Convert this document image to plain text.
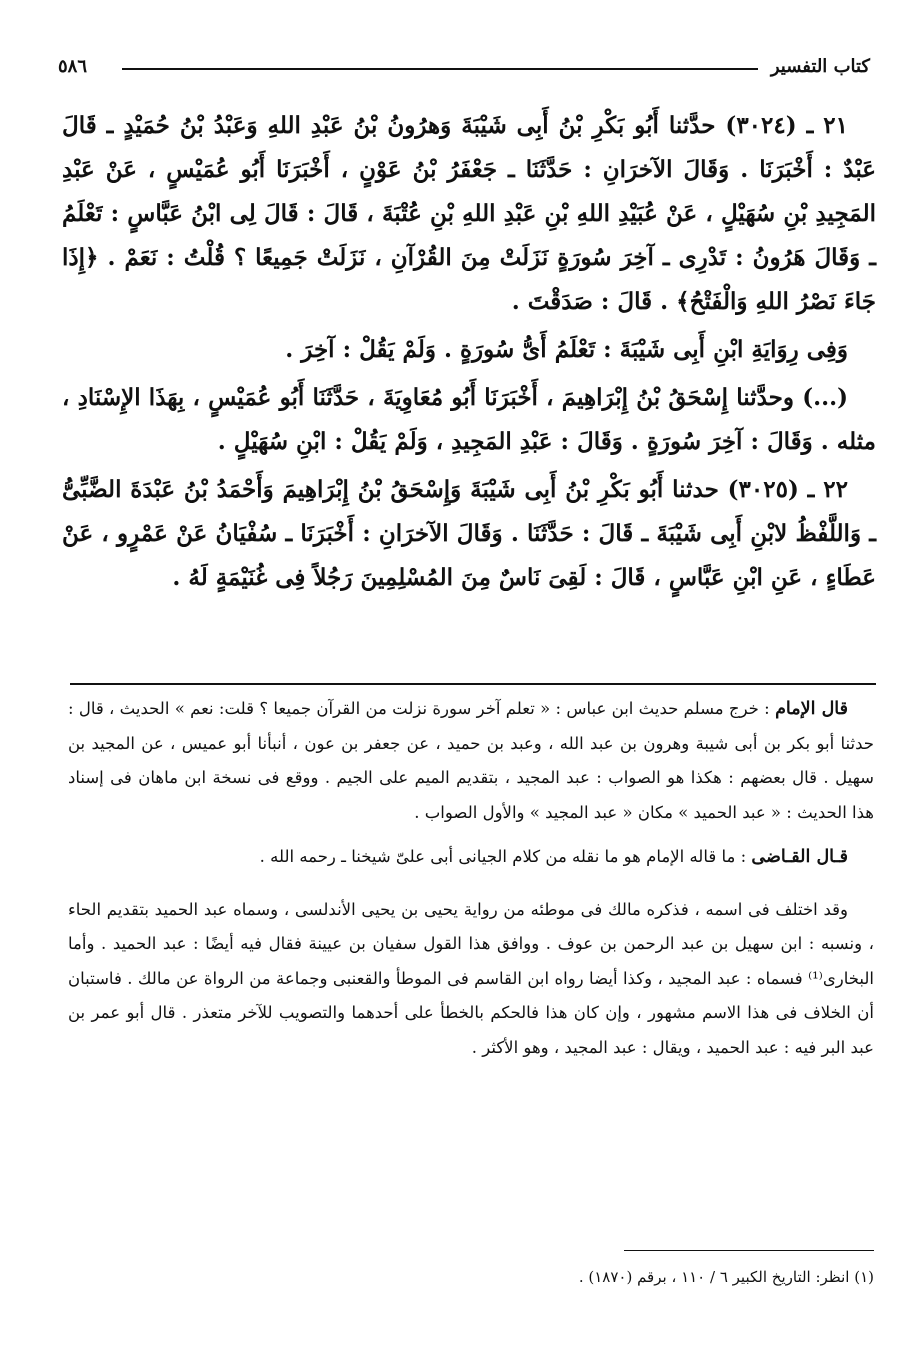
كتاب التفسير
٥٨٦

٢١ ـ (٣٠٢٤) حدَّثنا أَبُو بَكْرِ بْنُ أَبِى شَيْبَةَ وَهرُونُ بْنُ عَبْدِ اللهِ وَعَبْدُ بْنُ حُمَيْدٍ ـ قَالَ عَبْدٌ : أَخْبَرَنَا . وَقَالَ الآخرَانِ : حَدَّثَنَا ـ جَعْفَرُ بْنُ عَوْنٍ ، أَخْبَرَنَا أَبُو عُمَيْسٍ ، عَنْ عَبْدِ المَجِيدِ بْنِ سُهَيْلٍ ، عَنْ عُبَيْدِ اللهِ بْنِ عَبْدِ اللهِ بْنِ عُتْبَةَ ، قَالَ : قَالَ لِى ابْنُ عَبَّاسٍ : تَعْلَمُ ـ وَقَالَ هَرُونُ : تَدْرِى ـ آخِرَ سُورَةٍ نَزَلَتْ مِنَ القُرْآنِ ، نَزَلَتْ جَمِيعًا ؟ قُلْتُ : نَعَمْ . ﴿إِذَا جَاءَ نَصْرُ اللهِ وَالْفَتْحُ﴾ . قَالَ : صَدَقْتَ .

وَفِى رِوَايَةِ ابْنِ أَبِى شَيْبَةَ : تَعْلَمُ أَىُّ سُورَةٍ . وَلَمْ يَقُلْ : آخِرَ .

(...) وحدَّثنا إِسْحَقُ بْنُ إِبْرَاهِيمَ ، أَخْبَرَنَا أَبُو مُعَاوِيَةَ ، حَدَّثَنَا أَبُو عُمَيْسٍ ، بِهَذَا الإِسْنَادِ ، مثله . وَقَالَ : آخِرَ سُورَةٍ . وَقَالَ : عَبْدِ المَجِيدِ ، وَلَمْ يَقُلْ : ابْنِ سُهَيْلٍ .

٢٢ ـ (٣٠٢٥) حدثنا أَبُو بَكْرِ بْنُ أَبِى شَيْبَةَ وَإِسْحَقُ بْنُ إِبْرَاهِيمَ وَأَحْمَدُ بْنُ عَبْدَةَ الضَّبِّىُّ ـ وَاللَّفْظُ لابْنِ أَبِى شَيْبَةَ ـ قَالَ : حَدَّثَنَا . وَقَالَ الآخرَانِ : أَخْبَرَنَا ـ سُفْيَانُ عَنْ عَمْرٍو ، عَنْ عَطَاءٍ ، عَنِ ابْنِ عَبَّاسٍ ، قَالَ : لَقِىَ نَاسٌ مِنَ المُسْلِمِينَ رَجُلاً فِى غُنَيْمَةٍ لَهُ .

قال الإمام : خرج مسلم حديث ابن عباس : « تعلم آخر سورة نزلت من القرآن جميعا ؟ قلت: نعم » الحديث ، قال : حدثنا أبو بكر بن أبى شيبة وهرون بن عبد الله ، وعبد بن حميد ، عن جعفر بن عون ، أنبأنا أبو عميس ، عن المجيد بن سهيل . قال بعضهم : هكذا هو الصواب : عبد المجيد ، بتقديم الميم على الجيم . ووقع فى نسخة ابن ماهان فى إسناد هذا الحديث : « عبد الحميد » مكان « عبد المجيد » والأول الصواب .

قـال القـاضى : ما قاله الإمام هو ما نقله من كلام الجيانى أبى علىّ شيخنا ـ رحمه الله .

وقد اختلف فى اسمه ، فذكره مالك فى موطئه من رواية يحيى بن يحيى الأندلسى ، وسماه عبد الحميد بتقديم الحاء ، ونسبه : ابن سهيل بن عبد الرحمن بن عوف . ووافق هذا القول سفيان بن عيينة فقال فيه أيضًا : عبد الحميد . وأما البخارى⁽¹⁾ فسماه : عبد المجيد ، وكذا أيضا رواه ابن القاسم فى الموطأ والقعنبى وجماعة من الرواة عن مالك . فاستبان أن الخلاف فى هذا الاسم مشهور ، وإن كان هذا فالحكم بالخطأ على أحدهما والتصويب للآخر متعذر . قال أبو عمر بن عبد البر فيه : عبد الحميد ، ويقال : عبد المجيد ، وهو الأكثر .

(١) انظر: التاريخ الكبير ٦ / ١١٠ ، برقم (١٨٧٠) .
